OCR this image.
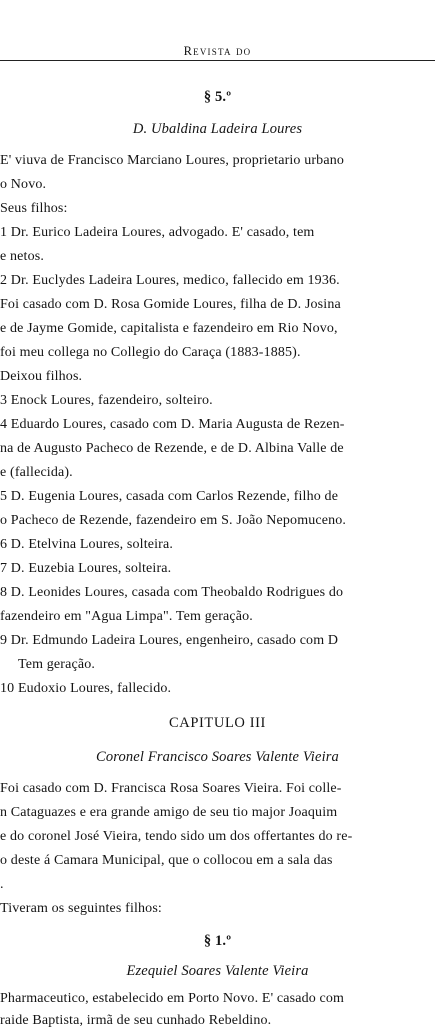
Revista do
§ 5.º
D. Ubaldina Ladeira Loures
E' viuva de Francisco Marciano Loures, proprietario urbano
o Novo.
Seus filhos:
1 Dr. Eurico Ladeira Loures, advogado. E' casado, tem
e netos.
2 Dr. Euclydes Ladeira Loures, medico, fallecido em 1936.
Foi casado com D. Rosa Gomide Loures, filha de D. Josina
e de Jayme Gomide, capitalista e fazendeiro em Rio Novo,
foi meu collega no Collegio do Caraça (1883-1885).
Deixou filhos.
3 Enock Loures, fazendeiro, solteiro.
4 Eduardo Loures, casado com D. Maria Augusta de Rezen-
na de Augusto Pacheco de Rezende, e de D. Albina Valle de
e (fallecida).
5 D. Eugenia Loures, casada com Carlos Rezende, filho de
o Pacheco de Rezende, fazendeiro em S. João Nepomuceno.
6 D. Etelvina Loures, solteira.
7 D. Euzebia Loures, solteira.
8 D. Leonides Loures, casada com Theobaldo Rodrigues do
fazendeiro em "Agua Limpa". Tem geração.
9 Dr. Edmundo Ladeira Loures, engenheiro, casado com D
Tem geração.
10 Eudoxio Loures, fallecido.
CAPITULO III
Coronel Francisco Soares Valente Vieira
Foi casado com D. Francisca Rosa Soares Vieira. Foi colle-
n Cataguazes e era grande amigo de seu tio major Joaquim
e do coronel José Vieira, tendo sido um dos offertantes do re-
o deste á Camara Municipal, que o collocou em a sala das
.
Tiveram os seguintes filhos:
§ 1.º
Ezequiel Soares Valente Vieira
Pharmaceutico, estabelecido em Porto Novo. E' casado com
raide Baptista, irmã de seu cunhado Rebeldino.
